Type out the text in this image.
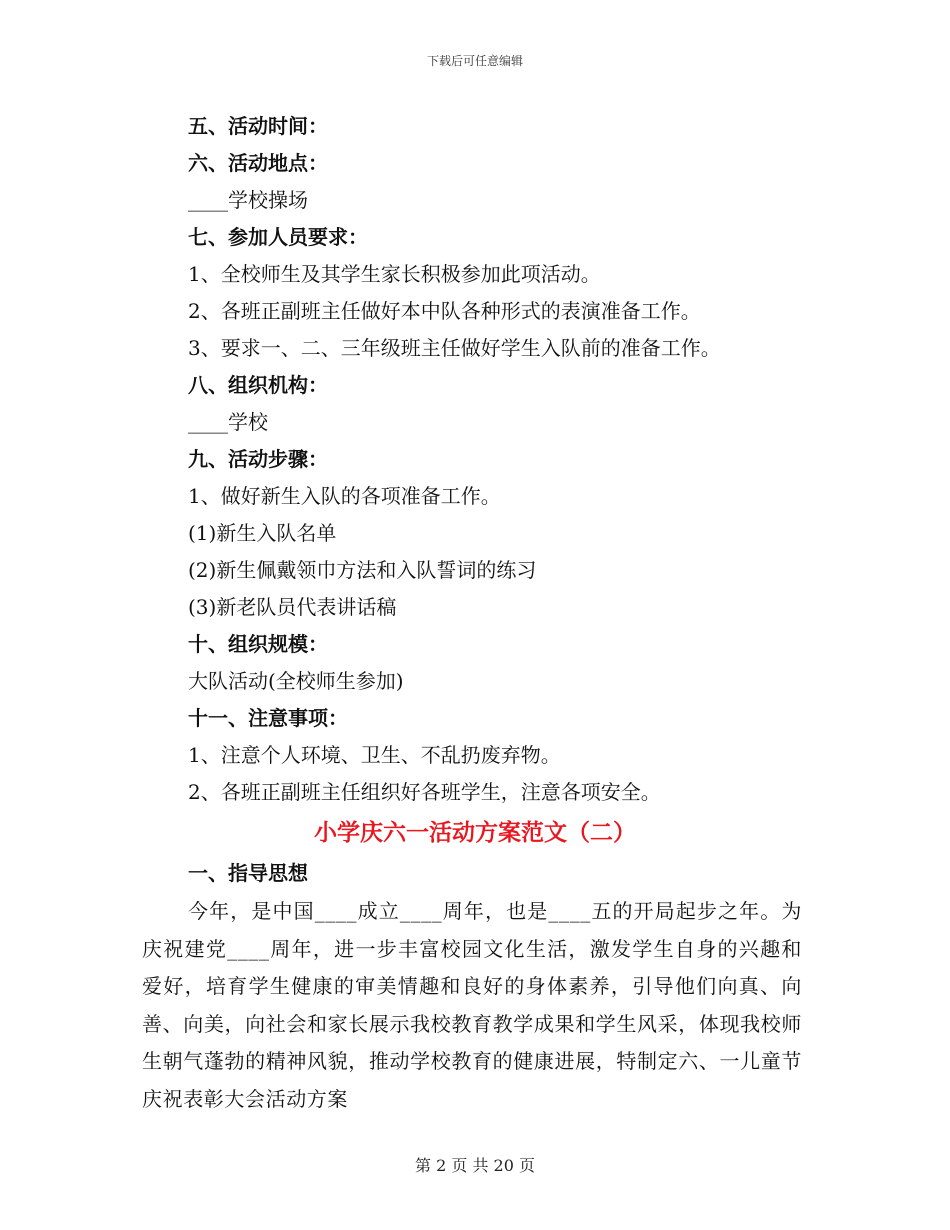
下载后可任意编辑
五、活动时间：
六、活动地点：
____学校操场
七、参加人员要求：
1、全校师生及其学生家长积极参加此项活动。
2、各班正副班主任做好本中队各种形式的表演准备工作。
3、要求一、二、三年级班主任做好学生入队前的准备工作。
八、组织机构：
____学校
九、活动步骤：
1、做好新生入队的各项准备工作。
(1)新生入队名单
(2)新生佩戴领巾方法和入队誓词的练习
(3)新老队员代表讲话稿
十、组织规模：
大队活动(全校师生参加)
十一、注意事项：
1、注意个人环境、卫生、不乱扔废弃物。
2、各班正副班主任组织好各班学生，注意各项安全。
小学庆六一活动方案范文（二）
一、指导思想
今年，是中国____成立____周年，也是____五的开局起步之年。为庆祝建党____周年，进一步丰富校园文化生活，激发学生自身的兴趣和爱好，培育学生健康的审美情趣和良好的身体素养，引导他们向真、向善、向美，向社会和家长展示我校教育教学成果和学生风采，体现我校师生朝气蓬勃的精神风貌，推动学校教育的健康进展，特制定六、一儿童节庆祝表彰大会活动方案
第 2 页 共 20 页
